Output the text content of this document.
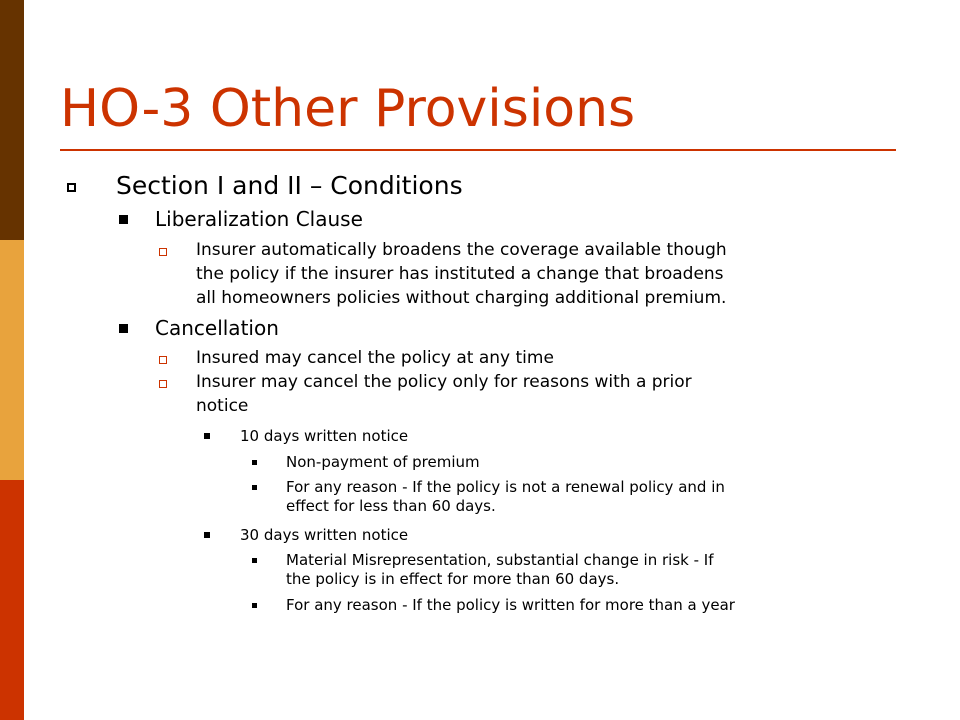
HO-3 Other Provisions
Section I and II – Conditions
Liberalization Clause
Insurer automatically broadens the coverage available though
the policy if the insurer has instituted a change that broadens
all homeowners policies without charging additional premium.
Cancellation
Insured may cancel the policy at any time
Insurer may cancel the policy only for reasons with a prior
notice
10 days written notice
Non-payment of premium
For any reason - If the policy is not a renewal policy and in
effect for less than 60 days.
30 days written notice
Material Misrepresentation, substantial change in risk - If
the policy is in effect for more than 60 days.
For any reason - If the policy is written for more than a year
